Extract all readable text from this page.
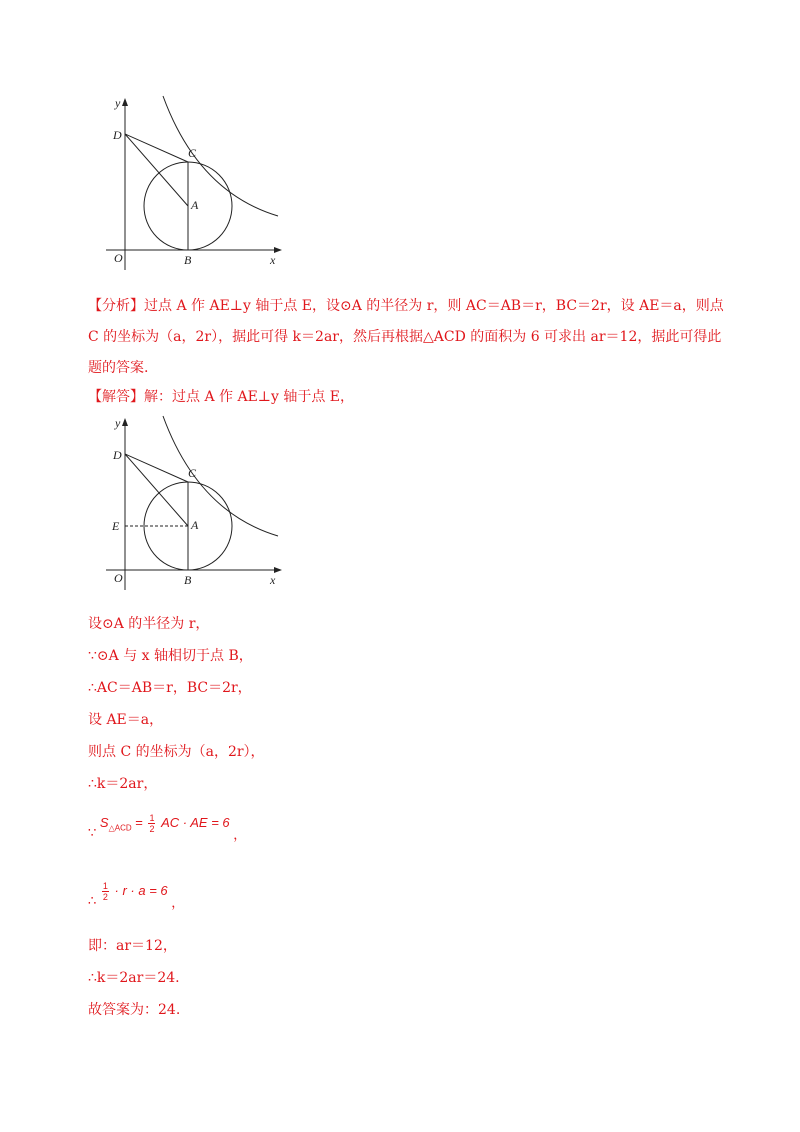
y
x
O
D
C
A
B
【分析】过点 A 作 AE⊥y 轴于点 E，设⊙A 的半径为 r，则 AC＝AB＝r，BC＝2r，设 AE＝a，则点 C 的坐标为（a，2r），据此可得 k＝2ar，然后再根据△ACD 的面积为 6 可求出 ar＝12，据此可得此题的答案.
【解答】解：过点 A 作 AE⊥y 轴于点 E，
y
x
O
D
C
A
B
E
设⊙A 的半径为 r，
∵⊙A 与 x 轴相切于点 B，
∴AC＝AB＝r，BC＝2r，
设 AE＝a，
则点 C 的坐标为（a，2r），
∴k＝2ar，
∵ $S_{\triangle ACD} = \frac{1}{2}$ AC · AE = 6 ，
∴ $\frac{1}{2} \cdot r \cdot a = 6$ ，
即：ar＝12，
∴k＝2ar＝24.
故答案为：24.
